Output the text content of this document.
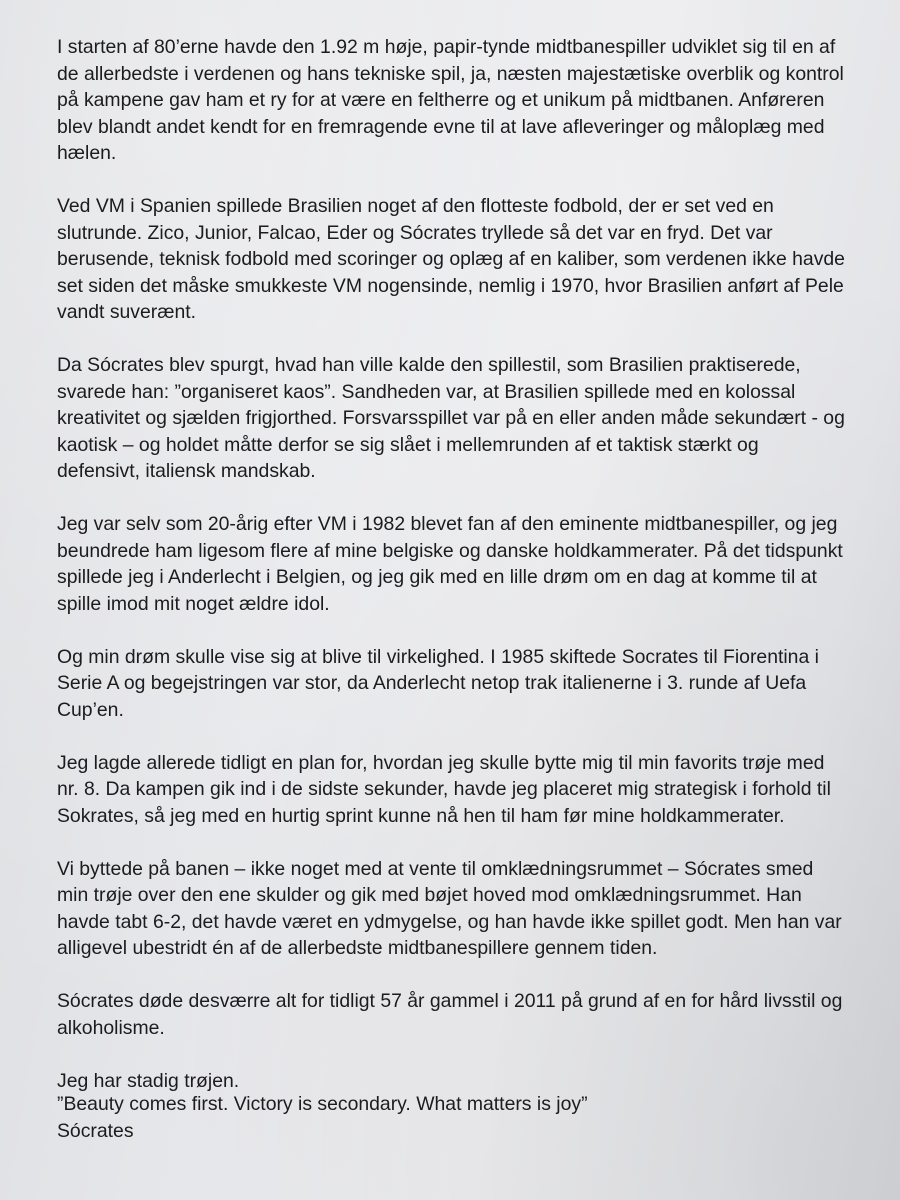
I starten af 80’erne havde den 1.92 m høje, papir-tynde midtbanespiller udviklet sig til en af
de allerbedste i verdenen og hans tekniske spil, ja, næsten majestætiske overblik og kontrol
på kampene gav ham et ry for at være en feltherre og et unikum på midtbanen. Anføreren
blev blandt andet kendt for en fremragende evne til at lave afleveringer og måloplæg med
hælen.

Ved VM i Spanien spillede Brasilien noget af den flotteste fodbold, der er set ved en
slutrunde. Zico, Junior, Falcao, Eder og Sócrates tryllede så det var en fryd. Det var
berusende, teknisk fodbold med scoringer og oplæg af en kaliber, som verdenen ikke havde
set siden det måske smukkeste VM nogensinde, nemlig i 1970, hvor Brasilien anført af Pele
vandt suverænt.

Da Sócrates blev spurgt, hvad han ville kalde den spillestil, som Brasilien praktiserede,
svarede han: ”organiseret kaos”. Sandheden var, at Brasilien spillede med en kolossal
kreativitet og sjælden frigjorthed. Forsvarsspillet var på en eller anden måde sekundært - og
kaotisk – og holdet måtte derfor se sig slået i mellemrunden af et taktisk stærkt og
defensivt, italiensk mandskab.

Jeg var selv som 20-årig efter VM i 1982 blevet fan af den eminente midtbanespiller, og jeg
beundrede ham ligesom flere af mine belgiske og danske holdkammerater. På det tidspunkt
spillede jeg i Anderlecht i Belgien, og jeg gik med en lille drøm om en dag at komme til at
spille imod mit noget ældre idol.

Og min drøm skulle vise sig at blive til virkelighed. I 1985 skiftede Socrates til Fiorentina i
Serie A og begejstringen var stor, da Anderlecht netop trak italienerne i 3. runde af Uefa
Cup’en.

Jeg lagde allerede tidligt en plan for, hvordan jeg skulle bytte mig til min favorits trøje med
nr. 8. Da kampen gik ind i de sidste sekunder, havde jeg placeret mig strategisk i forhold til
Sokrates, så jeg med en hurtig sprint kunne nå hen til ham før mine holdkammerater.

Vi byttede på banen – ikke noget med at vente til omklædningsrummet – Sócrates smed
min trøje over den ene skulder og gik med bøjet hoved mod omklædningsrummet. Han
havde tabt 6-2, det havde været en ydmygelse, og han havde ikke spillet godt. Men han var
alligevel ubestridt én af de allerbedste midtbanespillere gennem tiden.

Sócrates døde desværre alt for tidligt 57 år gammel i 2011 på grund af en for hård livsstil og
alkoholisme.

Jeg har stadig trøjen.

”Beauty comes first. Victory is secondary. What matters is joy”

Sócrates
